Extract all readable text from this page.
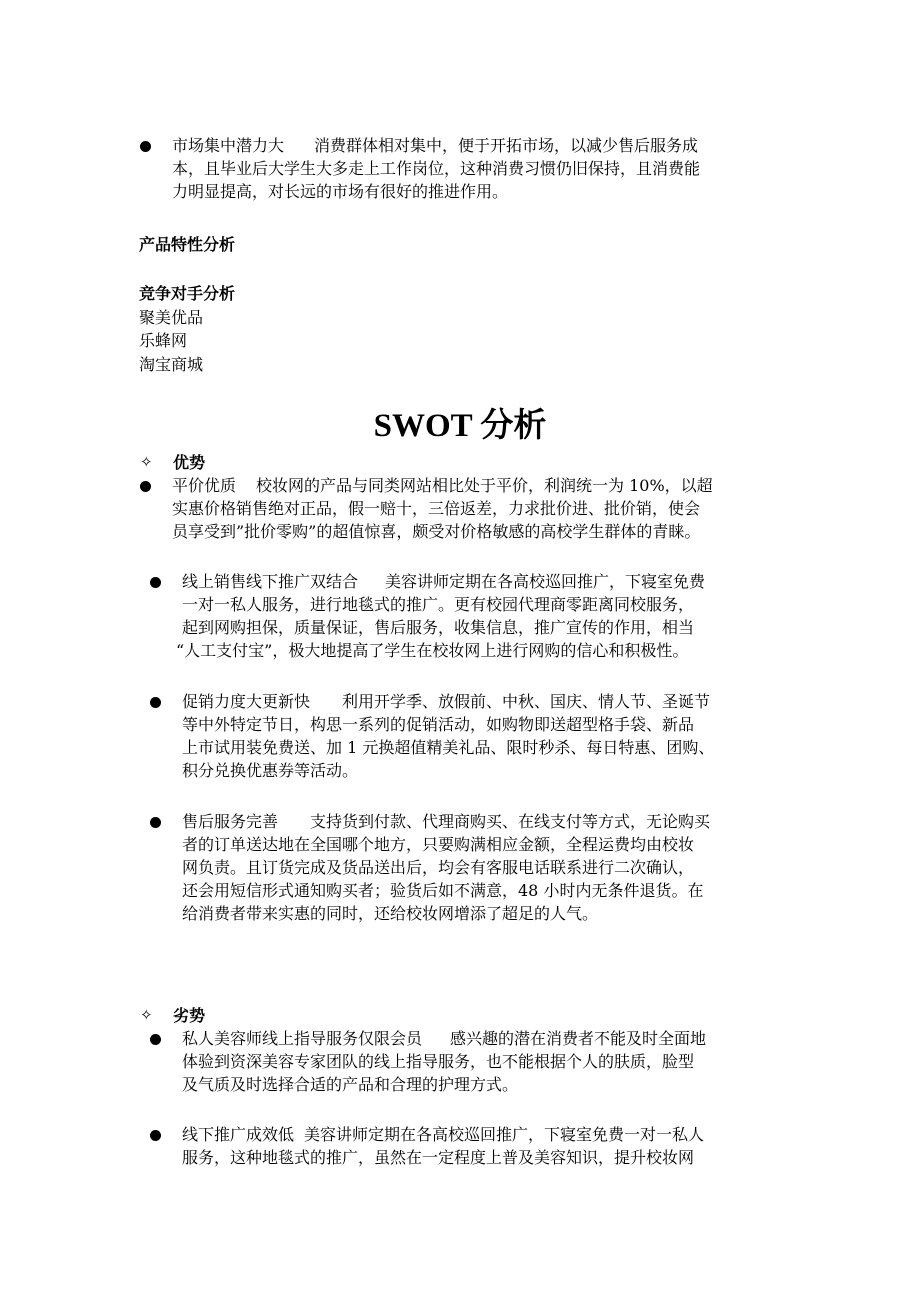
市场集中潜力大 消费群体相对集中，便于开拓市场，以减少售后服务成
本，且毕业后大学生大多走上工作岗位，这种消费习惯仍旧保持，且消费能
力明显提高，对长远的市场有很好的推进作用。
产品特性分析
竞争对手分析
聚美优品
乐蜂网
淘宝商城
SWOT 分析
✧ 优势
平价优质 校妆网的产品与同类网站相比处于平价，利润统一为 10%，以超
实惠价格销售绝对正品，假一赔十，三倍返差，力求批价进、批价销，使会
员享受到”批价零购”的超值惊喜，颇受对价格敏感的高校学生群体的青睐。
线上销售线下推广双结合 美容讲师定期在各高校巡回推广，下寝室免费
一对一私人服务，进行地毯式的推广。更有校园代理商零距离同校服务，
起到网购担保，质量保证，售后服务，收集信息，推广宣传的作用，相当
“人工支付宝”，极大地提高了学生在校妆网上进行网购的信心和积极性。
促销力度大更新快 利用开学季、放假前、中秋、国庆、情人节、圣诞节
等中外特定节日，构思一系列的促销活动，如购物即送超型格手袋、新品
上市试用装免费送、加 1 元换超值精美礼品、限时秒杀、每日特惠、团购、
积分兑换优惠券等活动。
售后服务完善 支持货到付款、代理商购买、在线支付等方式，无论购买
者的订单送达地在全国哪个地方，只要购满相应金额，全程运费均由校妆
网负责。且订货完成及货品送出后，均会有客服电话联系进行二次确认，
还会用短信形式通知购买者；验货后如不满意，48 小时内无条件退货。在
给消费者带来实惠的同时，还给校妆网增添了超足的人气。
✧ 劣势
私人美容师线上指导服务仅限会员 感兴趣的潜在消费者不能及时全面地
体验到资深美容专家团队的线上指导服务，也不能根据个人的肤质，脸型
及气质及时选择合适的产品和合理的护理方式。
线下推广成效低 美容讲师定期在各高校巡回推广，下寝室免费一对一私人
服务，这种地毯式的推广，虽然在一定程度上普及美容知识，提升校妆网
